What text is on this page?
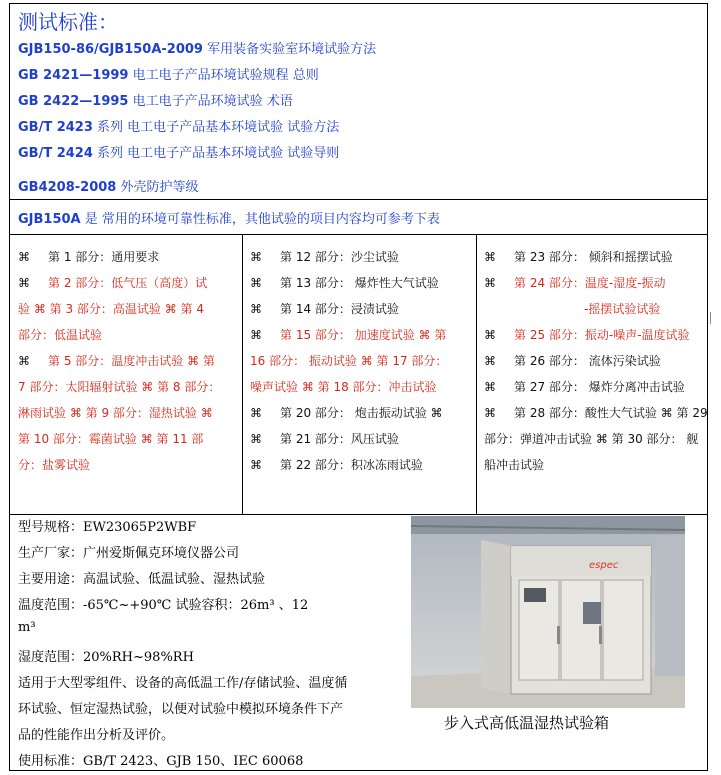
测试标准：
GJB150-86/GJB150A-2009 军用装备实验室环境试验方法
GB 2421—1999 电工电子产品环境试验规程 总则
GB 2422—1995 电工电子产品环境试验 术语
GB/T 2423 系列 电工电子产品基本环境试验 试验方法
GB/T 2424 系列 电工电子产品基本环境试验 试验导则
GB4208-2008 外壳防护等级
GJB150A 是 常用的环境可靠性标准，其他试验的项目内容均可参考下表

⌘ 第 1 部分：通用要求

⌘ 第 2 部分：低气压（高度）试

验 ⌘ 第 3 部分：高温试验 ⌘ 第 4

部分：低温试验

⌘ 第 5 部分：温度冲击试验 ⌘ 第

7 部分：太阳辐射试验 ⌘ 第 8 部分：

淋雨试验 ⌘ 第 9 部分：湿热试验 ⌘

第 10 部分：霉菌试验 ⌘ 第 11 部

分：盐雾试验

⌘ 第 12 部分：沙尘试验

⌘ 第 13 部分： 爆炸性大气试验

⌘ 第 14 部分：浸渍试验

⌘ 第 15 部分： 加速度试验 ⌘ 第

16 部分： 振动试验 ⌘ 第 17 部分：

噪声试验 ⌘ 第 18 部分：冲击试验

⌘ 第 20 部分： 炮击振动试验 ⌘

⌘ 第 21 部分：风压试验

⌘ 第 22 部分：积冰冻雨试验

⌘ 第 23 部分： 倾斜和摇摆试验

⌘ 第 24 部分：温度-湿度-振动

-摇摆试验试验

⌘ 第 25 部分：振动-噪声-温度试验

⌘ 第 26 部分： 流体污染试验

⌘ 第 27 部分： 爆炸分离冲击试验

⌘ 第 28 部分：酸性大气试验 ⌘ 第 29

部分：弹道冲击试验 ⌘ 第 30 部分： 舰

船冲击试验

型号规格：EW23065P2WBF
生产厂家：广州爱斯佩克环境仪器公司
主要用途：高温试验、低温试验、湿热试验
温度范围：-65℃~+90℃ 试验容积：26m³ 、12
m³
湿度范围：20%RH~98%RH
适用于大型零组件、设备的高低温工作/存储试验、温度循
环试验、恒定湿热试验，以便对试验中模拟环境条件下产
品的性能作出分析及评价。
使用标准：GB/T 2423、GJB 150、IEC 60068
espec
步入式高低温湿热试验箱
